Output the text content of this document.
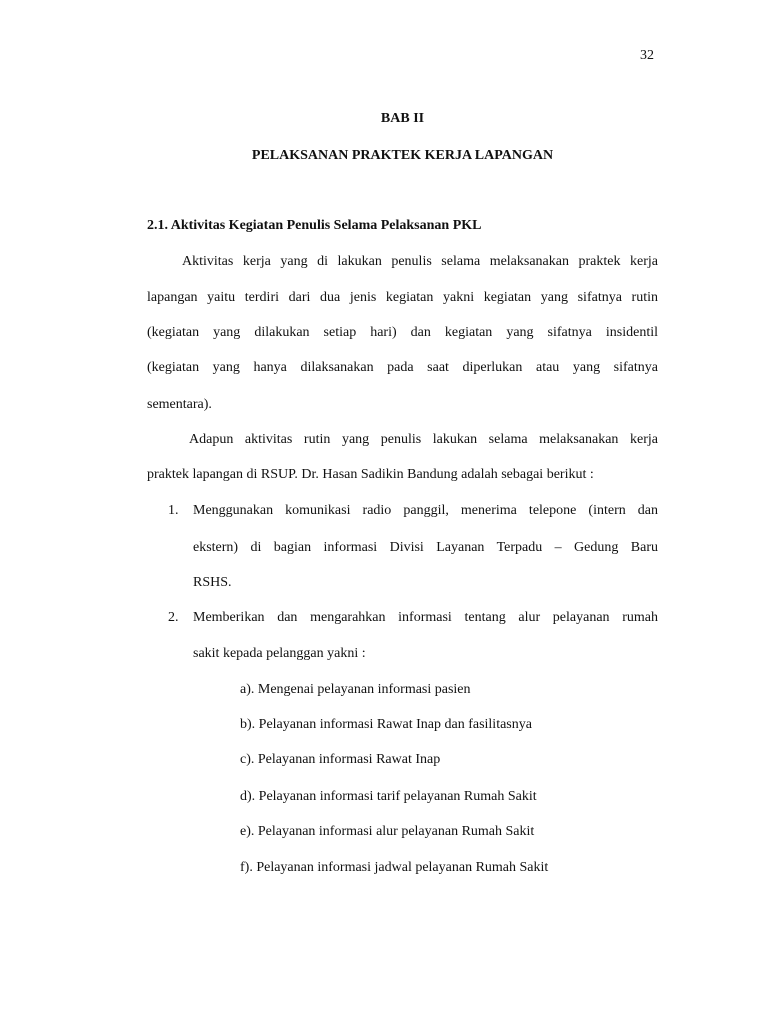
32
BAB II
PELAKSANAN PRAKTEK KERJA LAPANGAN
2.1. Aktivitas Kegiatan Penulis Selama Pelaksanan PKL
Aktivitas kerja yang di lakukan penulis selama melaksanakan praktek kerja
lapangan yaitu terdiri dari dua jenis kegiatan yakni kegiatan yang sifatnya rutin
(kegiatan yang dilakukan setiap hari) dan kegiatan yang sifatnya insidentil
(kegiatan yang hanya dilaksanakan pada saat diperlukan atau yang sifatnya
sementara).
Adapun aktivitas rutin yang penulis lakukan selama melaksanakan kerja
praktek lapangan di RSUP. Dr. Hasan Sadikin Bandung adalah sebagai berikut :
1. Menggunakan komunikasi radio panggil, menerima telepone (intern dan
ekstern) di bagian informasi Divisi Layanan Terpadu – Gedung Baru
RSHS.
2. Memberikan dan mengarahkan informasi tentang alur pelayanan rumah
sakit kepada pelanggan yakni :
a). Mengenai pelayanan informasi pasien
b). Pelayanan informasi Rawat Inap dan fasilitasnya
c). Pelayanan informasi Rawat Inap
d). Pelayanan informasi tarif pelayanan Rumah Sakit
e). Pelayanan informasi alur pelayanan Rumah Sakit
f). Pelayanan informasi jadwal pelayanan Rumah Sakit
